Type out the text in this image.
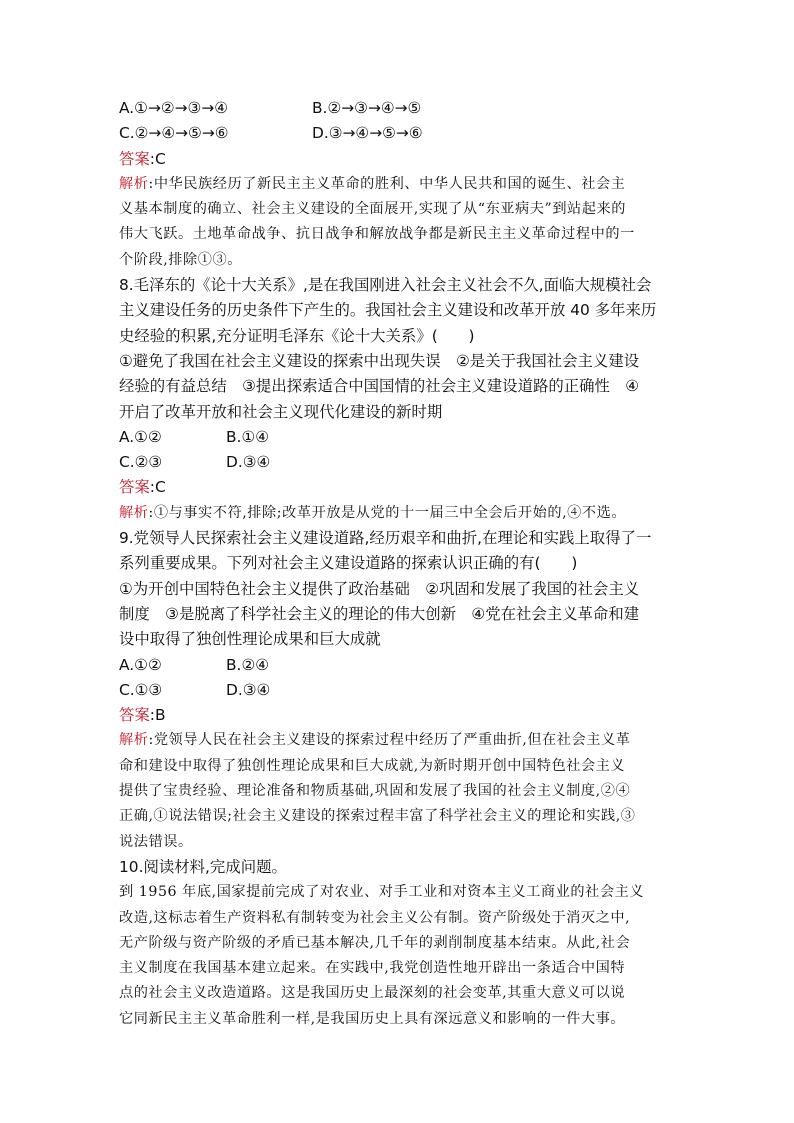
A.①→②→③→④	B.②→③→④→⑤
C.②→④→⑤→⑥	D.③→④→⑤→⑥
答案:C
解析:中华民族经历了新民主主义革命的胜利、中华人民共和国的诞生、社会主
义基本制度的确立、社会主义建设的全面展开,实现了从“东亚病夫”到站起来的
伟大飞跃。土地革命战争、抗日战争和解放战争都是新民主主义革命过程中的一
个阶段,排除①③。
8.毛泽东的《论十大关系》,是在我国刚进入社会主义社会不久,面临大规模社会
主义建设任务的历史条件下产生的。我国社会主义建设和改革开放 40 多年来历
史经验的积累,充分证明毛泽东《论十大关系》(　　)
①避免了我国在社会主义建设的探索中出现失误　②是关于我国社会主义建设
经验的有益总结　③提出探索适合中国国情的社会主义建设道路的正确性　④
开启了改革开放和社会主义现代化建设的新时期
A.①②	B.①④
C.②③	D.③④
答案:C
解析:①与事实不符,排除;改革开放是从党的十一届三中全会后开始的,④不选。
9.党领导人民探索社会主义建设道路,经历艰辛和曲折,在理论和实践上取得了一
系列重要成果。下列对社会主义建设道路的探索认识正确的有(　　)
①为开创中国特色社会主义提供了政治基础　②巩固和发展了我国的社会主义
制度　③是脱离了科学社会主义的理论的伟大创新　④党在社会主义革命和建
设中取得了独创性理论成果和巨大成就
A.①②	B.②④
C.①③	D.③④
答案:B
解析:党领导人民在社会主义建设的探索过程中经历了严重曲折,但在社会主义革
命和建设中取得了独创性理论成果和巨大成就,为新时期开创中国特色社会主义
提供了宝贵经验、理论准备和物质基础,巩固和发展了我国的社会主义制度,②④
正确,①说法错误;社会主义建设的探索过程丰富了科学社会主义的理论和实践,③
说法错误。
10.阅读材料,完成问题。
到 1956 年底,国家提前完成了对农业、对手工业和对资本主义工商业的社会主义
改造,这标志着生产资料私有制转变为社会主义公有制。资产阶级处于消灭之中,
无产阶级与资产阶级的矛盾已基本解决,几千年的剥削制度基本结束。从此,社会
主义制度在我国基本建立起来。在实践中,我党创造性地开辟出一条适合中国特
点的社会主义改造道路。这是我国历史上最深刻的社会变革,其重大意义可以说
它同新民主主义革命胜利一样,是我国历史上具有深远意义和影响的一件大事。
